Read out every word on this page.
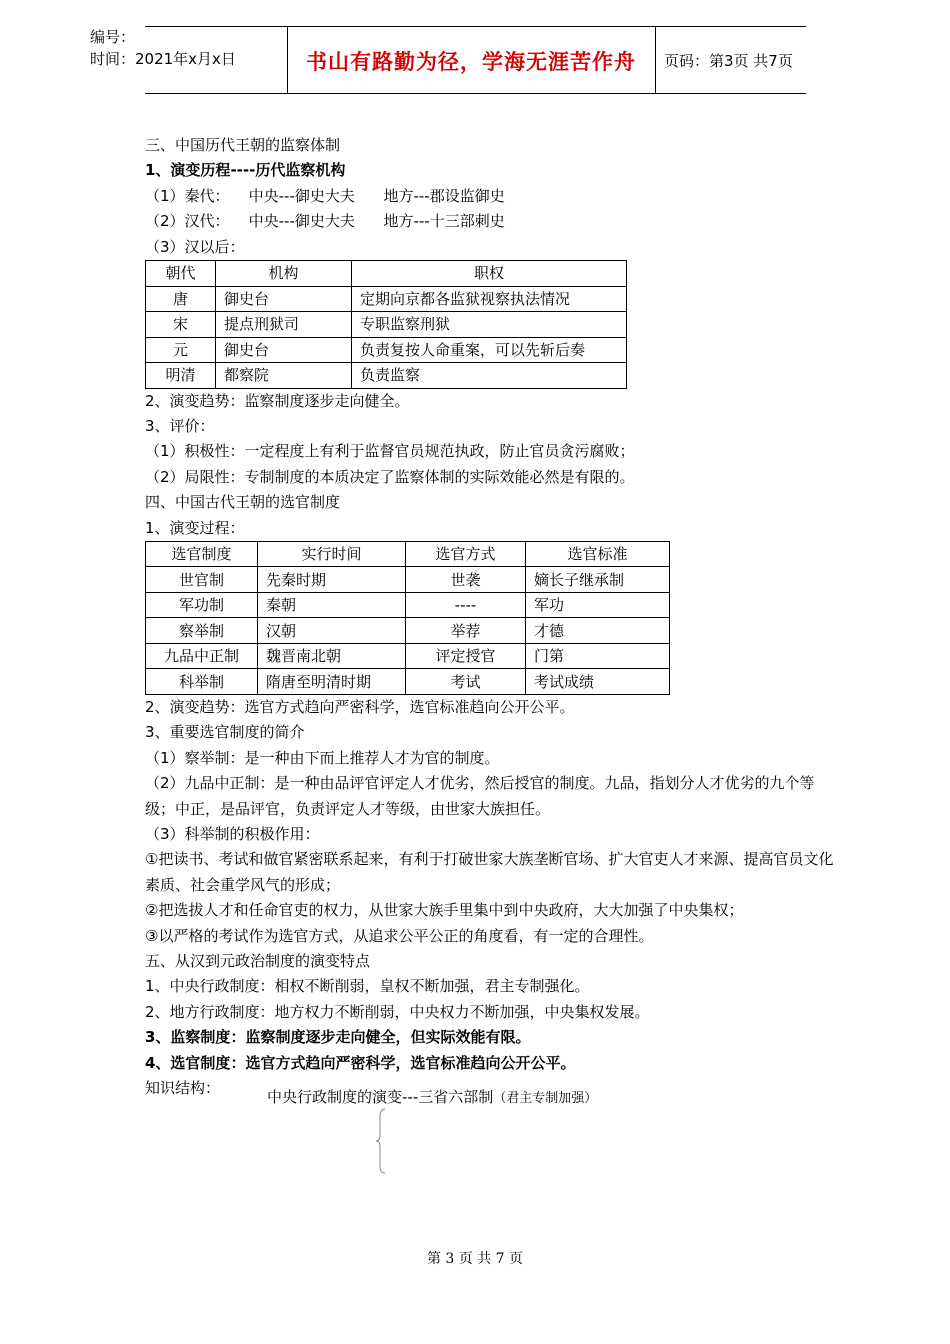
编号：
时间：2021年x月x日	书山有路勤为径，学海无涯苦作舟	页码：第3页 共7页

三、中国历代王朝的监察体制

1、演变历程----历代监察机构

（1）秦代：    中央---御史大夫      地方---郡设监御史

（2）汉代：    中央---御史大夫      地方---十三部刺史

（3）汉以后：

朝代	机构	职权
唐	御史台	定期向京都各监狱视察执法情况
宋	提点刑狱司	专职监察刑狱
元	御史台	负责复按人命重案，可以先斩后奏
明清	都察院	负责监察

2、演变趋势：监察制度逐步走向健全。

3、评价：

（1）积极性：一定程度上有利于监督官员规范执政，防止官员贪污腐败；

（2）局限性：专制制度的本质决定了监察体制的实际效能必然是有限的。

四、中国古代王朝的选官制度

1、演变过程：

选官制度	实行时间	选官方式	选官标准
世官制	先秦时期	世袭	嫡长子继承制
军功制	秦朝	----	军功
察举制	汉朝	举荐	才德
九品中正制	魏晋南北朝	评定授官	门第
科举制	隋唐至明清时期	考试	考试成绩

2、演变趋势：选官方式趋向严密科学，选官标准趋向公开公平。

3、重要选官制度的简介

（1）察举制：是一种由下而上推荐人才为官的制度。

（2）九品中正制：是一种由品评官评定人才优劣，然后授官的制度。九品，指划分人才优劣的九个等级；中正，是品评官，负责评定人才等级，由世家大族担任。

（3）科举制的积极作用：

①把读书、考试和做官紧密联系起来，有利于打破世家大族垄断官场、扩大官吏人才来源、提高官员文化素质、社会重学风气的形成；

②把选拔人才和任命官吏的权力，从世家大族手里集中到中央政府，大大加强了中央集权；

③以严格的考试作为选官方式，从追求公平公正的角度看，有一定的合理性。

五、从汉到元政治制度的演变特点

1、中央行政制度：相权不断削弱，皇权不断加强，君主专制强化。

2、地方行政制度：地方权力不断削弱，中央权力不断加强，中央集权发展。

3、监察制度：监察制度逐步走向健全，但实际效能有限。

4、选官制度：选官方式趋向严密科学，选官标准趋向公开公平。

知识结构：	中央行政制度的演变---三省六部制（君主专制加强）
第 3 页 共 7 页
